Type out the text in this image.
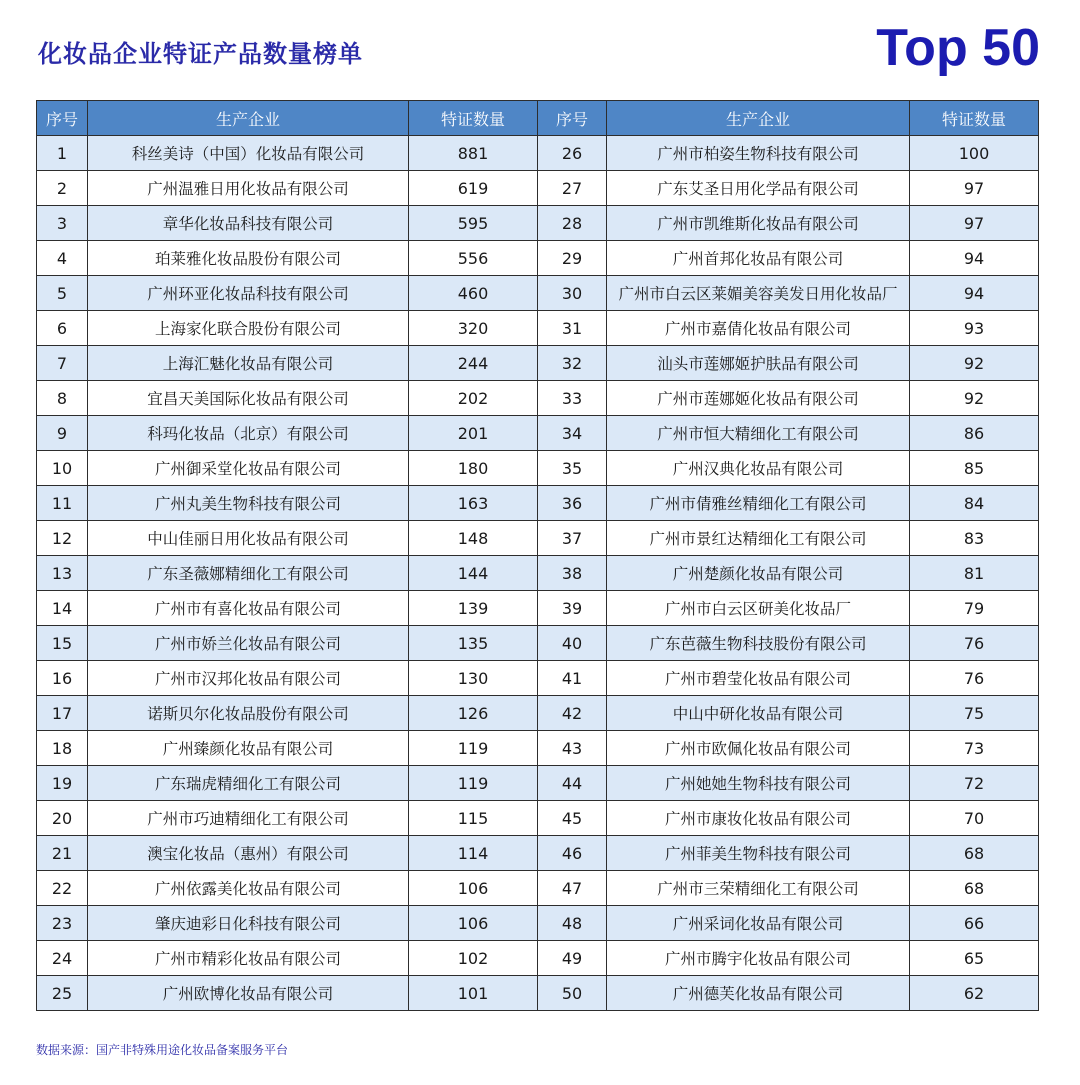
化妆品企业特证产品数量榜单	Top 50
序号	生产企业	特证数量	序号	生产企业	特证数量
1	科丝美诗（中国）化妆品有限公司	881	26	广州市柏姿生物科技有限公司	100
2	广州温雅日用化妆品有限公司	619	27	广东艾圣日用化学品有限公司	97
3	章华化妆品科技有限公司	595	28	广州市凯维斯化妆品有限公司	97
4	珀莱雅化妆品股份有限公司	556	29	广州首邦化妆品有限公司	94
5	广州环亚化妆品科技有限公司	460	30	广州市白云区莱媚美容美发日用化妆品厂	94
6	上海家化联合股份有限公司	320	31	广州市嘉倩化妆品有限公司	93
7	上海汇魅化妆品有限公司	244	32	汕头市莲娜姬护肤品有限公司	92
8	宜昌天美国际化妆品有限公司	202	33	广州市莲娜姬化妆品有限公司	92
9	科玛化妆品（北京）有限公司	201	34	广州市恒大精细化工有限公司	86
10	广州御采堂化妆品有限公司	180	35	广州汉典化妆品有限公司	85
11	广州丸美生物科技有限公司	163	36	广州市倩雅丝精细化工有限公司	84
12	中山佳丽日用化妆品有限公司	148	37	广州市景红达精细化工有限公司	83
13	广东圣薇娜精细化工有限公司	144	38	广州楚颜化妆品有限公司	81
14	广州市有喜化妆品有限公司	139	39	广州市白云区研美化妆品厂	79
15	广州市娇兰化妆品有限公司	135	40	广东芭薇生物科技股份有限公司	76
16	广州市汉邦化妆品有限公司	130	41	广州市碧莹化妆品有限公司	76
17	诺斯贝尔化妆品股份有限公司	126	42	中山中研化妆品有限公司	75
18	广州臻颜化妆品有限公司	119	43	广州市欧佩化妆品有限公司	73
19	广东瑞虎精细化工有限公司	119	44	广州她她生物科技有限公司	72
20	广州市巧迪精细化工有限公司	115	45	广州市康妆化妆品有限公司	70
21	澳宝化妆品（惠州）有限公司	114	46	广州菲美生物科技有限公司	68
22	广州依露美化妆品有限公司	106	47	广州市三荣精细化工有限公司	68
23	肇庆迪彩日化科技有限公司	106	48	广州采词化妆品有限公司	66
24	广州市精彩化妆品有限公司	102	49	广州市腾宇化妆品有限公司	65
25	广州欧博化妆品有限公司	101	50	广州德芙化妆品有限公司	62
数据来源：国产非特殊用途化妆品备案服务平台
